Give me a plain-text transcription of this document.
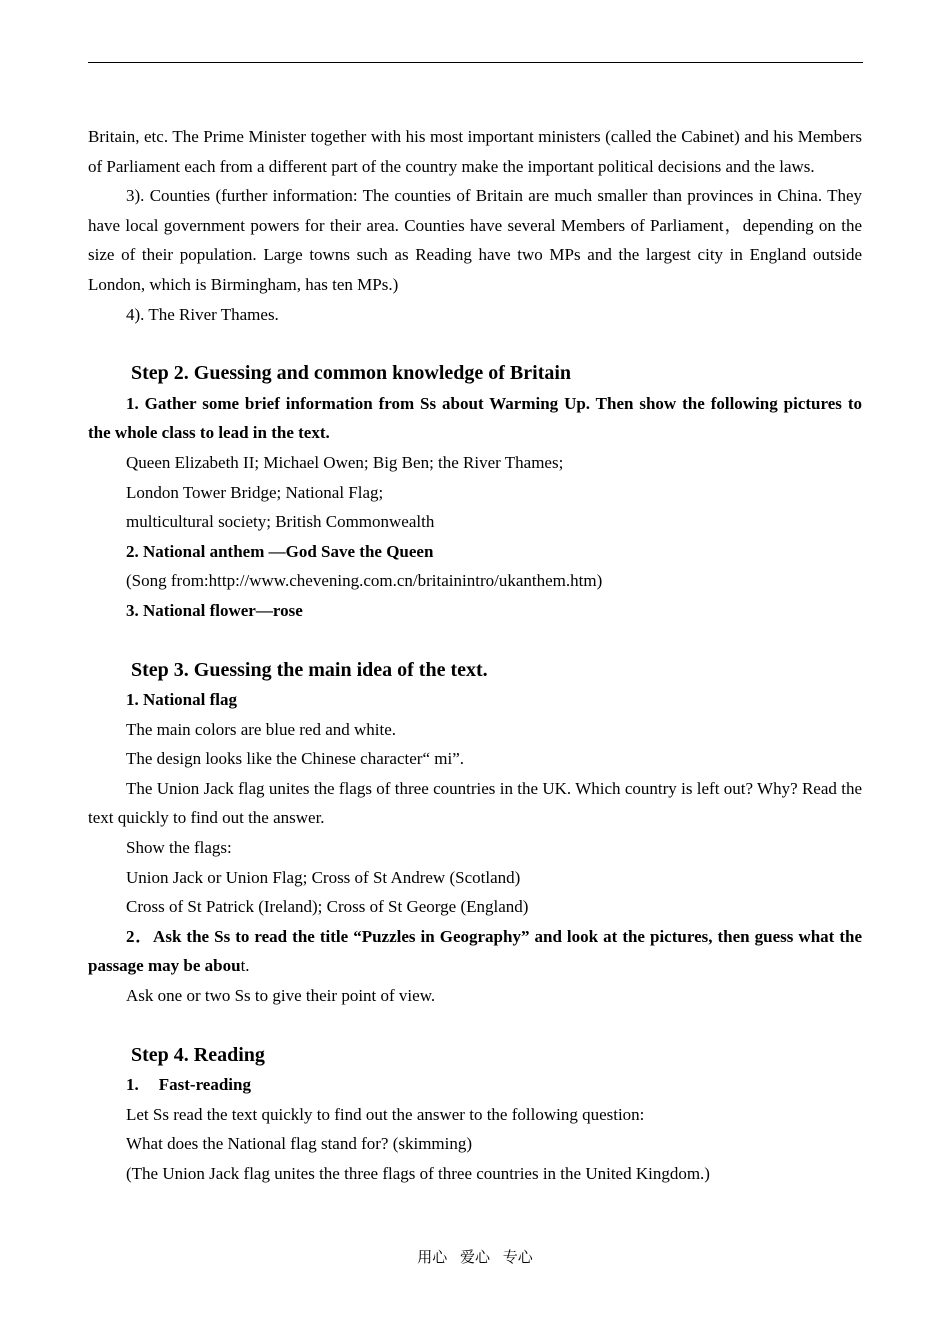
Britain, etc. The Prime Minister together with his most important ministers (called the Cabinet) and his Members of Parliament each from a different part of the country make the important political decisions and the laws.

3). Counties (further information: The counties of Britain are much smaller than provinces in China. They have local government powers for their area. Counties have several Members of Parliament，depending on the size of their population. Large towns such as Reading have two MPs and the largest city in England outside London, which is Birmingham, has ten MPs.)

4). The River Thames.

Step 2. Guessing and common knowledge of Britain

1. Gather some brief information from Ss about Warming Up. Then show the following pictures to the whole class to lead in the text.

Queen Elizabeth II; Michael Owen; Big Ben; the River Thames;

London Tower Bridge; National Flag;

multicultural society; British Commonwealth

2. National anthem —God Save the Queen

(Song from:http://www.chevening.com.cn/britainintro/ukanthem.htm)

3. National flower—rose

Step 3. Guessing the main idea of the text.

1. National flag

The main colors are blue red and white.

The design looks like the Chinese character“ mi”.

The Union Jack flag unites the flags of three countries in the UK. Which country is left out? Why? Read the text quickly to find out the answer.

Show the flags:

Union Jack or Union Flag; Cross of St Andrew (Scotland)

Cross of St Patrick (Ireland); Cross of St George (England)

2．Ask the Ss to read the title “Puzzles in Geography” and look at the pictures, then guess what the passage may be about.

Ask one or two Ss to give their point of view.

Step 4. Reading

1. Fast-reading

Let Ss read the text quickly to find out the answer to the following question:

What does the National flag stand for? (skimming)

(The Union Jack flag unites the three flags of three countries in the United Kingdom.)

用心 爱心 专心
